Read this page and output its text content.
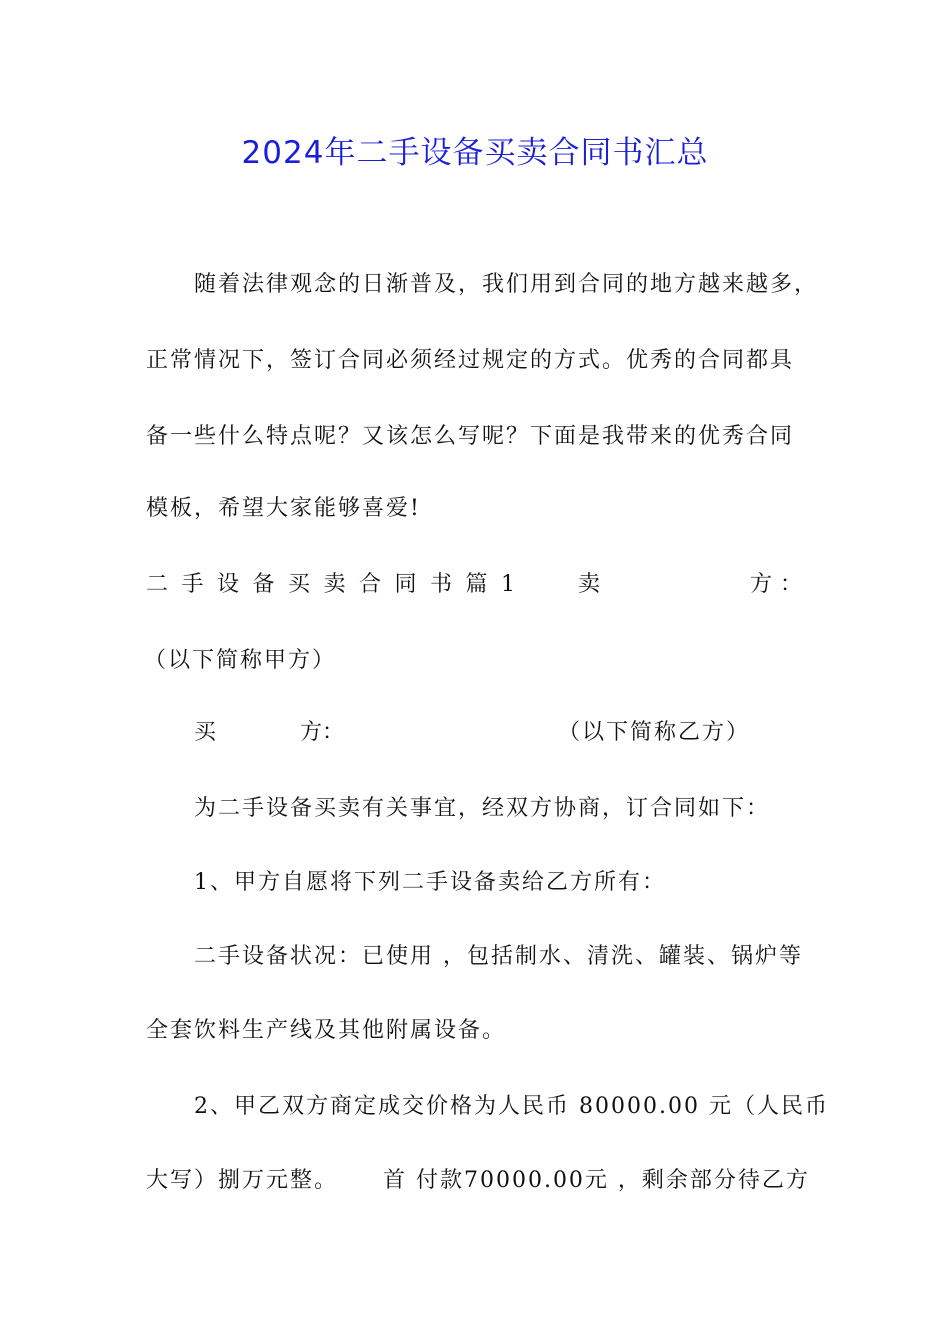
2024年二手设备买卖合同书汇总
随着法律观念的日渐普及，我们用到合同的地方越来越多，
正常情况下，签订合同必须经过规定的方式。优秀的合同都具
备一些什么特点呢？又该怎么写呢？下面是我带来的优秀合同
模板，希望大家能够喜爱!
二手设备买卖合同书篇1 卖	方：
（以下简称甲方）
买	方：	（以下简称乙方）
为二手设备买卖有关事宜，经双方协商，订合同如下：
1、甲方自愿将下列二手设备卖给乙方所有：
二手设备状况：已使用 ，包括制水、清洗、罐装、锅炉等
全套饮料生产线及其他附属设备。
2、甲乙双方商定成交价格为人民币 80000.00 元（人民币
大写）捌万元整。     首 付款70000.00元 ，剩余部分待乙方
